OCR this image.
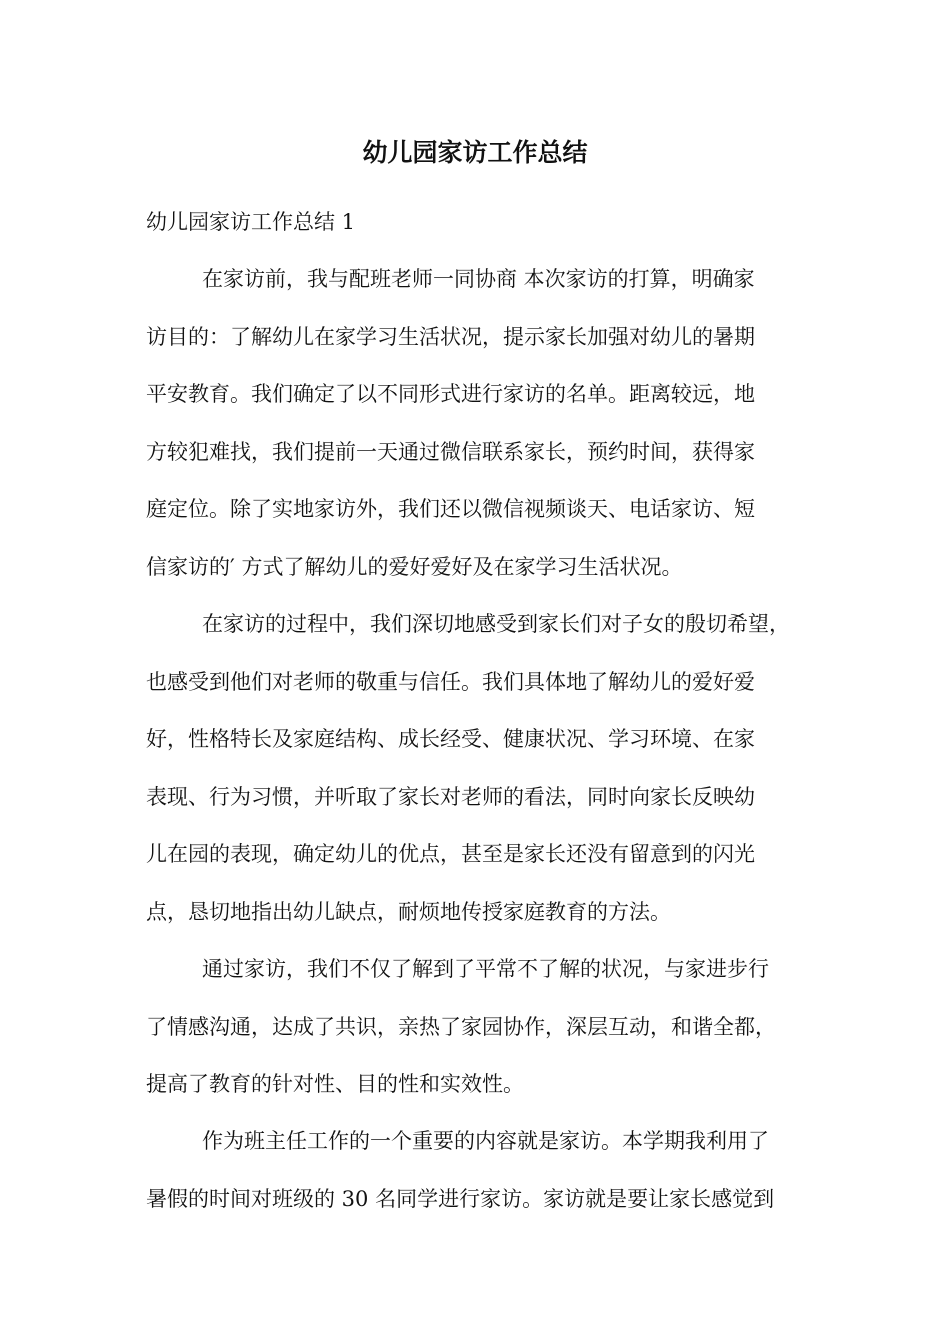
幼儿园家访工作总结
幼儿园家访工作总结 1
在家访前，我与配班老师一同协商 本次家访的打算，明确家
访目的：了解幼儿在家学习生活状况，提示家长加强对幼儿的暑期
平安教育。我们确定了以不同形式进行家访的名单。距离较远，地
方较犯难找，我们提前一天通过微信联系家长，预约时间，获得家
庭定位。除了实地家访外，我们还以微信视频谈天、电话家访、短
信家访的′ 方式了解幼儿的爱好爱好及在家学习生活状况。
在家访的过程中，我们深切地感受到家长们对子女的殷切希望，
也感受到他们对老师的敬重与信任。我们具体地了解幼儿的爱好爱
好，性格特长及家庭结构、成长经受、健康状况、学习环境、在家
表现、行为习惯，并听取了家长对老师的看法，同时向家长反映幼
儿在园的表现，确定幼儿的优点，甚至是家长还没有留意到的闪光
点，恳切地指出幼儿缺点，耐烦地传授家庭教育的方法。
通过家访，我们不仅了解到了平常不了解的状况，与家进步行
了情感沟通，达成了共识，亲热了家园协作，深层互动，和谐全都，
提高了教育的针对性、目的性和实效性。
作为班主任工作的一个重要的内容就是家访。本学期我利用了
暑假的时间对班级的 30 名同学进行家访。家访就是要让家长感觉到
